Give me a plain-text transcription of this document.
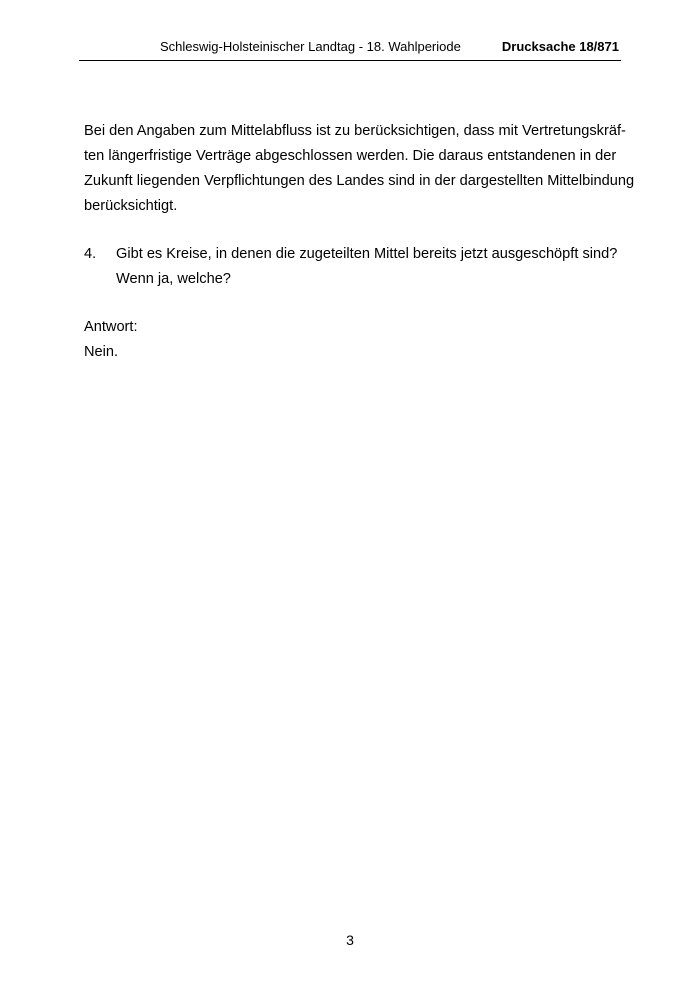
Schleswig-Holsteinischer Landtag - 18. Wahlperiode	Drucksache 18/871

Bei den Angaben zum Mittelabfluss ist zu berücksichtigen, dass mit Vertretungskräf-
ten längerfristige Verträge abgeschlossen werden. Die daraus entstandenen in der
Zukunft liegenden Verpflichtungen des Landes sind in der dargestellten Mittelbindung
berücksichtigt.

4. Gibt es Kreise, in denen die zugeteilten Mittel bereits jetzt ausgeschöpft sind?
Wenn ja, welche?
Antwort:
Nein.
3
